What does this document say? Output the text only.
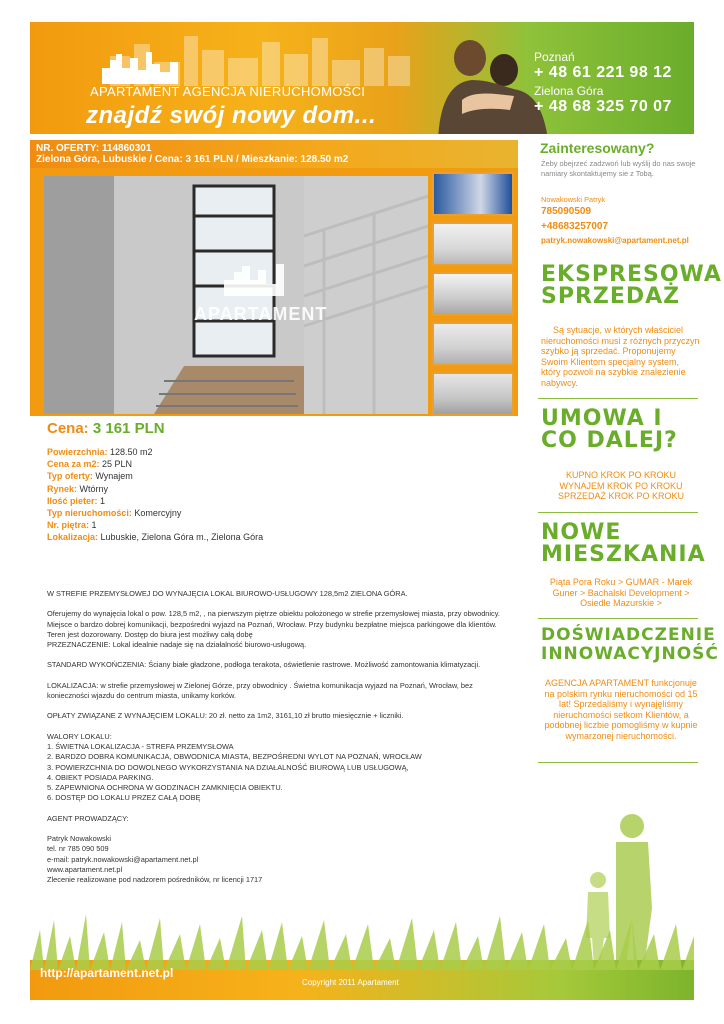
APARTAMENT AGENCJA NIERUCHOMOŚCI
znajdź swój nowy dom...
Poznań
+ 48 61 221 98 12
Zielona Góra
+ 48 68 325 70 07
NR. OFERTY: 114860301
Zielona Góra, Lubuskie / Cena: 3 161 PLN / Mieszkanie: 128.50 m2
APARTAMENT
Cena: 3 161 PLN
Powierzchnia: 128.50 m2
Cena za m2: 25 PLN
Typ oferty: Wynajem
Rynek: Wtórny
Ilość pieter: 1
Typ nieruchomości: Komercyjny
Nr. piętra: 1
Lokalizacja: Lubuskie, Zielona Góra m., Zielona Góra

W STREFIE PRZEMYSŁOWEJ DO WYNAJĘCIA LOKAL BIUROWO-USŁUGOWY 128,5m2 ZIELONA GÓRA.

Oferujemy do wynajęcia lokal o pow. 128,5 m2, , na pierwszym piętrze obiektu położonego w strefie przemysłowej miasta, przy obwodnicy. Miejsce o bardzo dobrej komunikacji, bezpośredni wyjazd na Poznań, Wrocław. Przy budynku bezpłatne miejsca parkingowe dla klientów. Teren jest dozorowany. Dostęp do biura jest możliwy całą dobę

PRZEZNACZENIE: Lokal idealnie nadaje się na działalność biurowo-usługową.

STANDARD WYKOŃCZENIA: Ściany białe gładzone, podłoga terakota, oświetlenie rastrowe. Możliwość zamontowania klimatyzacji.

LOKALIZACJA: w strefie przemysłowej w Zielonej Górze, przy obwodnicy . Świetna komunikacja wyjazd na Poznań, Wrocław, bez konieczności wjazdu do centrum miasta, unikamy korków.

OPŁATY ZWIĄZANE Z WYNAJĘCIEM LOKALU: 20 zł. netto za 1m2, 3161,10 zł brutto miesięcznie + liczniki.

WALORY LOKALU:

1. ŚWIETNA LOKALIZACJA - STREFA PRZEMYSŁOWA

2. BARDZO DOBRA KOMUNIKACJA, OBWODNICA MIASTA, BEZPOŚREDNI WYLOT NA POZNAŃ, WROCŁAW

3. POWIERZCHNIA DO DOWOLNEGO WYKORZYSTANIA NA DZIAŁALNOŚĆ BIUROWĄ LUB USŁUGOWĄ,

4. OBIEKT POSIADA PARKING.

5. ZAPEWNIONA OCHRONA W GODZINACH ZAMKNIĘCIA OBIEKTU.

6. DOSTĘP DO LOKALU PRZEZ CAŁĄ DOBĘ

AGENT PROWADZĄCY:

Patryk Nowakowski

tel. nr 785 090 509

e-mail: patryk.nowakowski@apartament.net.pl

www.apartament.net.pl

Zlecenie realizowane pod nadzorem pośredników, nr licencji 1717

Zainteresowany?
Żeby obejrzeć zadzwoń lub wyślij do nas swoje namiary skontaktujemy sie z Tobą.
Nowakowski Patryk
785090509
+48683257007
patryk.nowakowski@apartament.net.pl
EKSPRESOWA SPRZEDAŻ
Są sytuacje, w których właściciel nieruchomości musi z różnych przyczyn szybko ją sprzedać. Proponujemy Swoim Klientom specjalny system, który pozwoli na szybkie znalezienie nabywcy.
UMOWA I CO DALEJ?
KUPNO KROK PO KROKU
WYNAJEM KROK PO KROKU
SPRZEDAŻ KROK PO KROKU
NOWE MIESZKANIA
Piąta Pora Roku > GUMAR - Marek Guner > Bachalski Development > Osiedle Mazurskie >
DOŚWIADCZENIE INNOWACYJNOŚĆ
AGENCJA APARTAMENT funkcjonuje na polskim rynku nieruchomości od 15 lat! Sprzedaliśmy i wynajęliśmy nieruchomości setkom Klientów, a podobnej liczbie pomogliśmy w kupnie wymarzonej nieruchomości.
http://apartament.net.pl
Copyright 2011 Apartament
